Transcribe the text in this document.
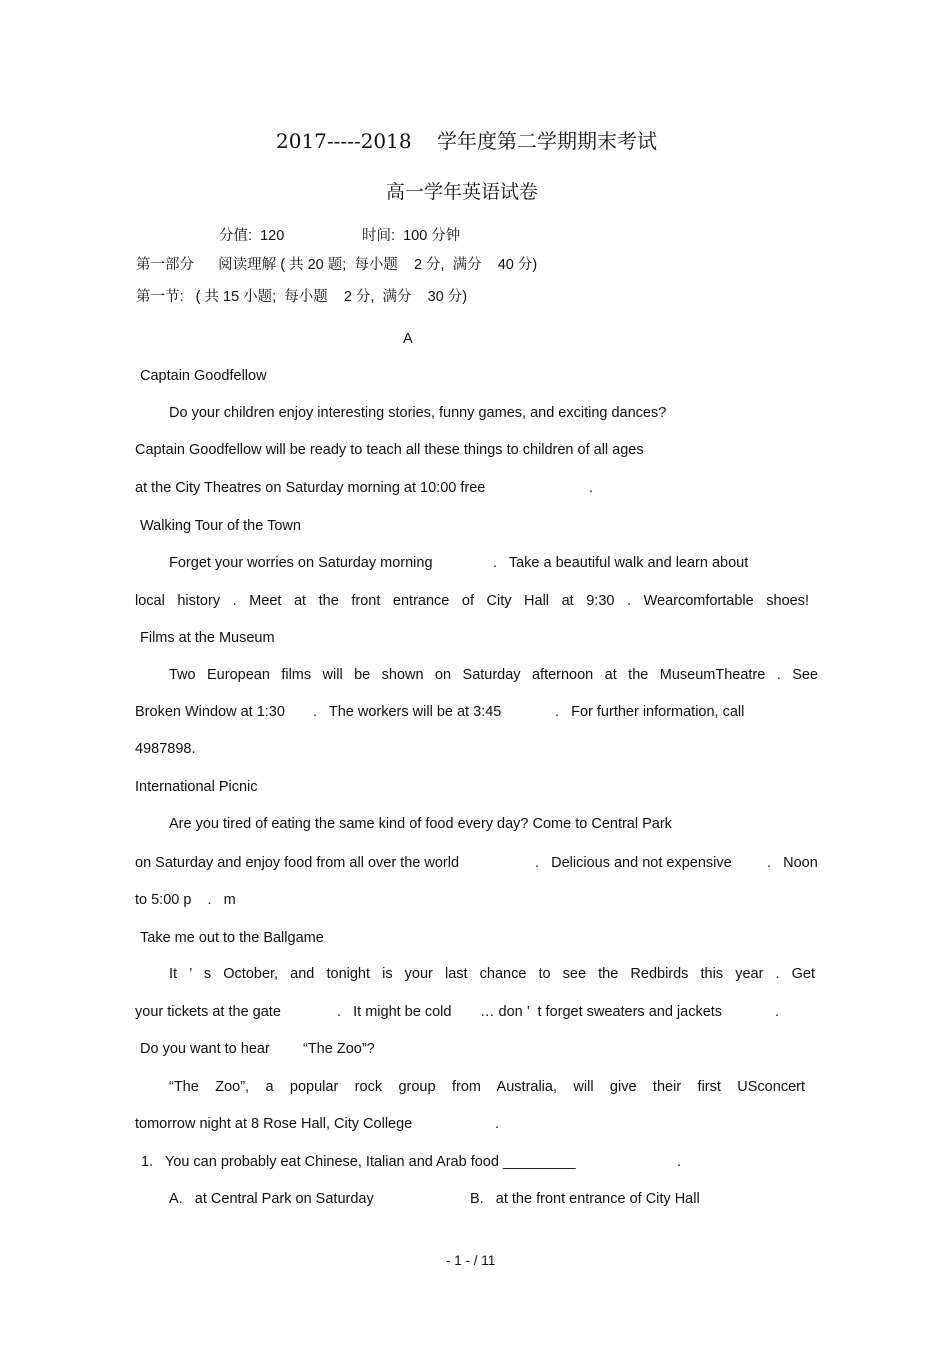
2017-----2018    学年度第二学期期末考试
高一学年英语试卷
分值:  120	时间:  100 分钟
第一部分      阅读理解 ( 共 20 题;  每小题    2 分,  满分    40 分)
第一节:   ( 共 15 小题;  每小题    2 分,  满分    30 分)
A
Captain Goodfellow
Do your children enjoy interesting stories, funny games, and exciting dances?
Captain Goodfellow will be ready to teach all these things to children of all ages
at the City Theatres on Saturday morning at 10:00 free	.
Walking Tour of the Town
Forget your worries on Saturday morning	.   Take a beautiful walk and learn about
local history . Meet at the front entrance of City Hall at 9:30 . Wearcomfortable shoes!
Films at the Museum
Two European films will be shown on Saturday afternoon at the MuseumTheatre . See
Broken Window at 1:30 .   The workers will be at 3:45	.   For further information, call
4987898.
International Picnic
Are you tired of eating the same kind of food every day? Come to Central Park
on Saturday and enjoy food from all over the world	.   Delicious and not expensive .   Noon
to 5:00 p    .   m
Take me out to the Ballgame
It ’ s October, and tonight is your last chance to see the Redbirds this year . Get
your tickets at the gate	.   It might be cold … don ’  t forget sweaters and jackets	.
Do you want to hear “The Zoo”?
“The Zoo”, a popular rock group from Australia, will give their first USconcert
tomorrow night at 8 Rose Hall, City College	.
1.   You can probably eat Chinese, Italian and Arab food _________	.
A.   at Central Park on Saturday	B.   at the front entrance of City Hall
- 1 - / 11
